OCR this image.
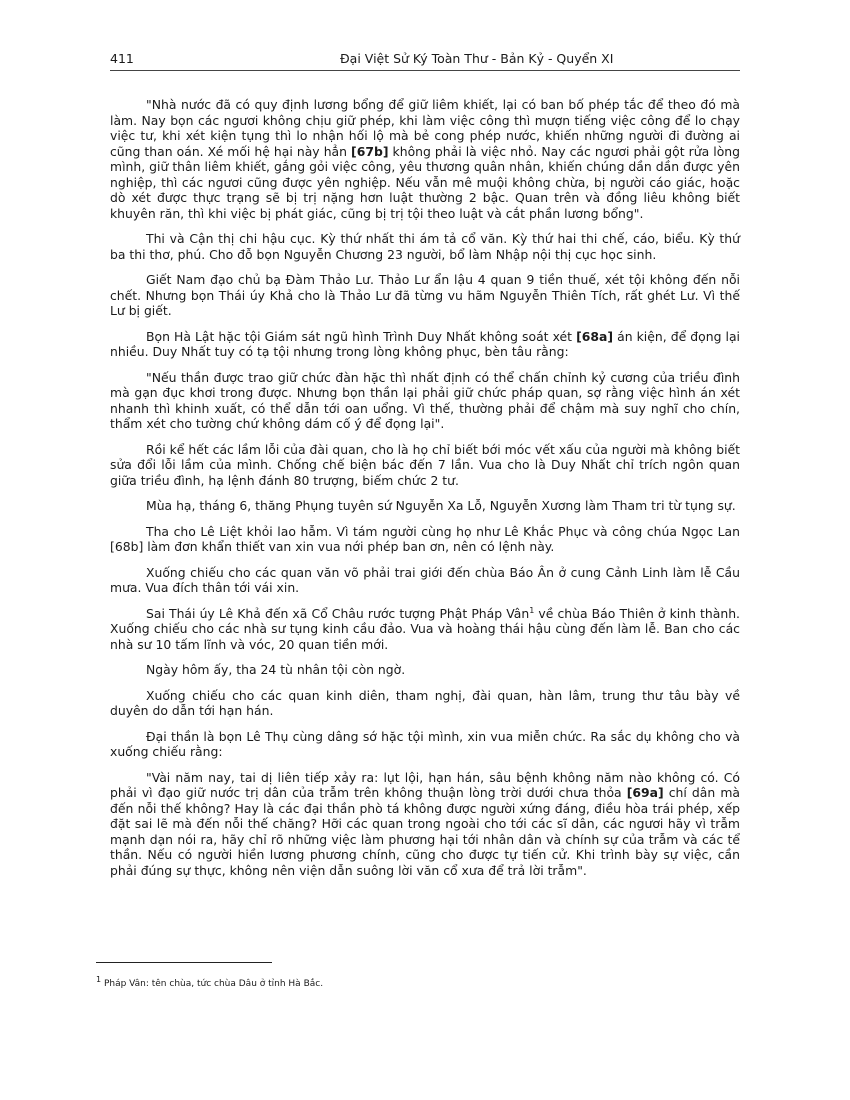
411	Đại Việt Sử Ký Toàn Thư - Bản Kỷ - Quyển XI

"Nhà nước đã có quy định lương bổng để giữ liêm khiết, lại có ban bố phép tắc để theo đó mà làm. Nay bọn các ngươi không chịu giữ phép, khi làm việc công thì mượn tiếng việc công để lo chạy việc tư, khi xét kiện tụng thì lo nhận hối lộ mà bẻ cong phép nước, khiến những người đi đường ai cũng than oán. Xé mối hệ hại này hẳn [67b] không phải là việc nhỏ. Nay các ngươi phải gột rửa lòng mình, giữ thân liêm khiết, gắng gỏi việc công, yêu thương quân nhân, khiến chúng dần dần được yên nghiệp, thì các ngươi cũng được yên nghiệp. Nếu vẫn mê muội không chừa, bị người cáo giác, hoặc dò xét được thực trạng sẽ bị trị nặng hơn luật thường 2 bậc. Quan trên và đồng liêu không biết khuyên răn, thì khi việc bị phát giác, cũng bị trị tội theo luật và cắt phần lương bổng".

Thi và Cận thị chi hậu cục. Kỳ thứ nhất thi ám tả cổ văn. Kỳ thứ hai thi chế, cáo, biểu. Kỳ thứ ba thi thơ, phú. Cho đỗ bọn Nguyễn Chương 23 người, bổ làm Nhập nội thị cục học sinh.

Giết Nam đạo chủ bạ Đàm Thảo Lư. Thảo Lư ẩn lậu 4 quan 9 tiền thuế, xét tội không đến nỗi chết. Nhưng bọn Thái úy Khả cho là Thảo Lư đã từng vu hãm Nguyễn Thiên Tích, rất ghét Lư. Vì thế Lư bị giết.

Bọn Hà Lật hặc tội Giám sát ngũ hình Trình Duy Nhất không soát xét [68a] án kiện, để đọng lại nhiều. Duy Nhất tuy có tạ tội nhưng trong lòng không phục, bèn tâu rằng:

"Nếu thần được trao giữ chức đàn hặc thì nhất định có thể chấn chỉnh kỷ cương của triều đình mà gạn đục khơi trong được. Nhưng bọn thần lại phải giữ chức pháp quan, sợ rằng việc hình án xét nhanh thì khinh xuất, có thể dẫn tới oan uổng. Vì thế, thường phải để chậm mà suy nghĩ cho chín, thẩm xét cho tường chứ không dám cố ý để đọng lại".

Rồi kể hết các lầm lỗi của đài quan, cho là họ chỉ biết bới móc vết xấu của người mà không biết sửa đổi lỗi lầm của mình. Chống chế biện bác đến 7 lần. Vua cho là Duy Nhất chỉ trích ngôn quan giữa triều đình, hạ lệnh đánh 80 trượng, biếm chức 2 tư.

Mùa hạ, tháng 6, thăng Phụng tuyên sứ Nguyễn Xa Lỗ, Nguyễn Xương làm Tham tri từ tụng sự.

Tha cho Lê Liệt khỏi lao hẫm. Vì tám người cùng họ như Lê Khắc Phục và công chúa Ngọc Lan [68b] làm đơn khẩn thiết van xin vua nới phép ban ơn, nên có lệnh này.

Xuống chiếu cho các quan văn võ phải trai giới đến chùa Báo Ân ở cung Cảnh Linh làm lễ Cầu mưa. Vua đích thân tới vái xin.

Sai Thái úy Lê Khả đến xã Cổ Châu rước tượng Phật Pháp Vân$^1$ về chùa Báo Thiên ở kinh thành. Xuống chiếu cho các nhà sư tụng kinh cầu đảo. Vua và hoàng thái hậu cùng đến làm lễ. Ban cho các nhà sư 10 tấm lĩnh và vóc, 20 quan tiền mới.

Ngày hôm ấy, tha 24 tù nhân tội còn ngờ.

Xuống chiếu cho các quan kinh diên, tham nghị, đài quan, hàn lâm, trung thư tâu bày về duyên do dẫn tới hạn hán.

Đại thần là bọn Lê Thụ cùng dâng sớ hặc tội mình, xin vua miễn chức. Ra sắc dụ không cho và xuống chiếu rằng:

"Vài năm nay, tai dị liên tiếp xảy ra: lụt lội, hạn hán, sâu bệnh không năm nào không có. Có phải vì đạo giữ nước trị dân của trẫm trên không thuận lòng trời dưới chưa thỏa [69a] chí dân mà đến nỗi thế không? Hay là các đại thần phò tá không được người xứng đáng, điều hòa trái phép, xếp đặt sai lẽ mà đến nỗi thế chăng? Hỡi các quan trong ngoài cho tới các sĩ dân, các ngươi hãy vì trẫm mạnh dạn nói ra, hãy chỉ rõ những việc làm phương hại tới nhân dân và chính sự của trẫm và các tể thần. Nếu có người hiền lương phương chính, cũng cho được tự tiến cử. Khi trình bày sự việc, cần phải đúng sự thực, không nên viện dẫn suông lời văn cổ xưa để trả lời trẫm".

$^1$ Pháp Vân: tên chùa, tức chùa Dâu ở tỉnh Hà Bắc.
